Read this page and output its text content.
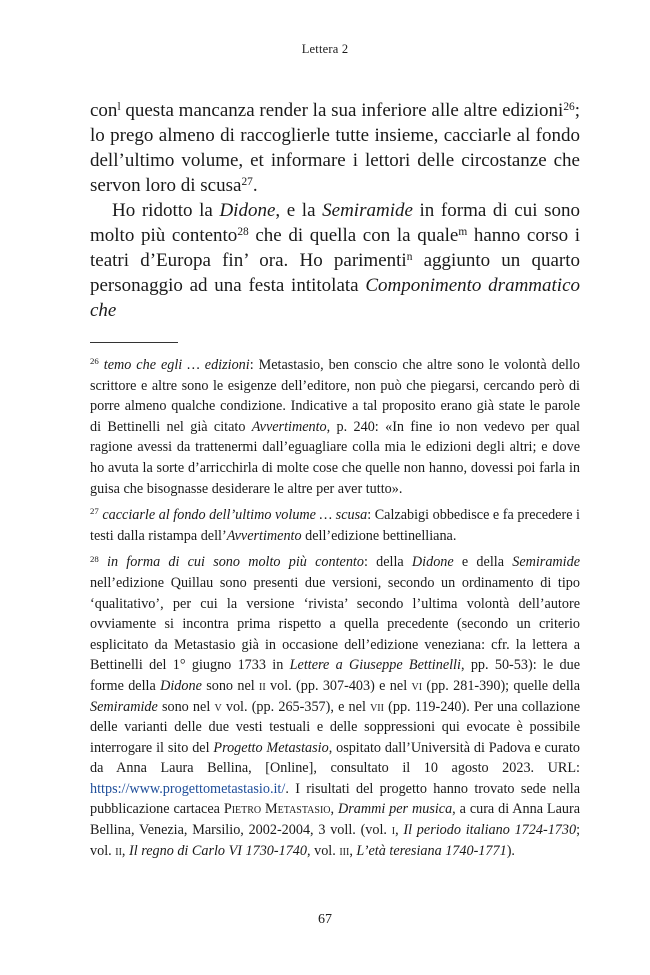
Lettera 2

con$^l$ questa mancanza render la sua inferiore alle altre edizioni$^{26}$; lo prego almeno di raccoglierle tutte insieme, cacciarle al fondo dell’ultimo volume, et informare i lettori delle circostanze che servon loro di scusa$^{27}$.

Ho ridotto la Didone, e la Semiramide in forma di cui sono molto più contento$^{28}$ che di quella con la quale$^m$ hanno corso i teatri d’Europa fin’ ora. Ho parimenti$^n$ aggiunto un quarto personaggio ad una festa intitolata Componimento drammatico che

$^{26}$ temo che egli … edizioni: Metastasio, ben conscio che altre sono le volontà dello scrittore e altre sono le esigenze dell’editore, non può che piegarsi, cercando però di porre almeno qualche condizione. Indicative a tal proposito erano già state le parole di Bettinelli nel già citato Avvertimento, p. 240: «In fine io non vedevo per qual ragione avessi da trattenermi dall’eguagliare colla mia le edizioni degli altri; e dove ho avuta la sorte d’arricchirla di molte cose che quelle non hanno, dovessi poi farla in guisa che bisognasse desiderare le altre per aver tutto».

$^{27}$ cacciarle al fondo dell’ultimo volume … scusa: Calzabigi obbedisce e fa precedere i testi dalla ristampa dell’Avvertimento dell’edizione bettinelliana.

$^{28}$ in forma di cui sono molto più contento: della Didone e della Semiramide nell’edizione Quillau sono presenti due versioni, secondo un ordinamento di tipo ‘qualitativo’, per cui la versione ‘rivista’ secondo l’ultima volontà dell’autore ovviamente si incontra prima rispetto a quella precedente (secondo un criterio esplicitato da Metastasio già in occasione dell’edizione veneziana: cfr. la lettera a Bettinelli del 1° giugno 1733 in Lettere a Giuseppe Bettinelli, pp. 50-53): le due forme della Didone sono nel ii vol. (pp. 307-403) e nel vi (pp. 281-390); quelle della Semiramide sono nel v vol. (pp. 265-357), e nel vii (pp. 119-240). Per una collazione delle varianti delle due vesti testuali e delle soppressioni qui evocate è possibile interrogare il sito del Progetto Metastasio, ospitato dall’Università di Padova e curato da Anna Laura Bellina, [Online], consultato il 10 agosto 2023. URL: https://www.progettometastasio.it/. I risultati del progetto hanno trovato sede nella pubblicazione cartacea Pietro Metastasio, Drammi per musica, a cura di Anna Laura Bellina, Venezia, Marsilio, 2002-2004, 3 voll. (vol. i, Il periodo italiano 1724-1730; vol. ii, Il regno di Carlo VI 1730-1740, vol. iii, L’età teresiana 1740-1771).

67
